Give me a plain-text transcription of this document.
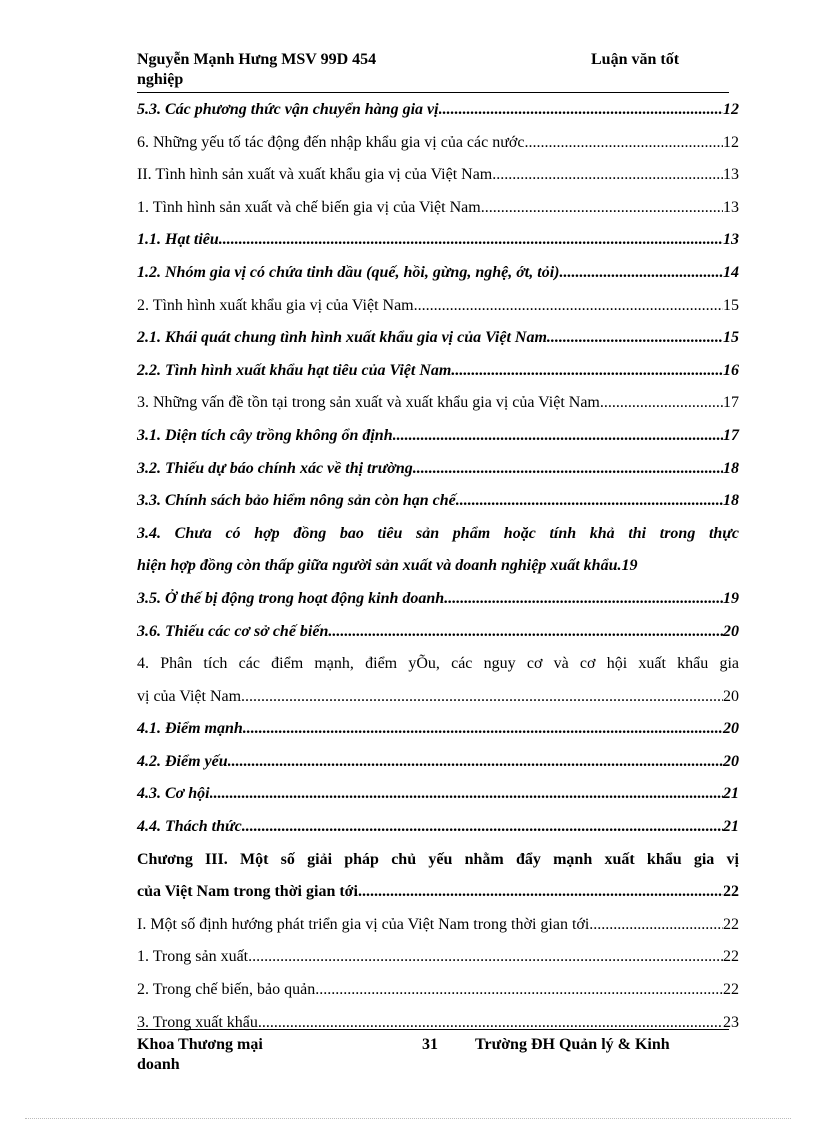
Nguyễn Mạnh Hưng MSV 99D 454	Luận văn tốt
nghiệp
5.3. Các phương thức vận chuyển hàng gia vị .....	12
6. Những yếu tố tác động đến nhập khẩu gia vị của các nước .....	12
II. Tình hình sản xuất và xuất khẩu gia vị của Việt Nam .....	13
1. Tình hình sản xuất và chế biến gia vị của Việt Nam .....	13
1.1. Hạt tiêu .....	13
1.2. Nhóm gia vị có chứa tinh dầu (quế, hồi, gừng, nghệ, ớt, tỏi) .....	14
2. Tình hình xuất khẩu gia vị của Việt Nam .....	15
2.1. Khái quát chung tình hình xuất khẩu gia vị của Việt Nam .....	15
2.2. Tình hình xuất khẩu hạt tiêu của Việt Nam .....	16
3. Những vấn đề tồn tại trong sản xuất và xuất khẩu gia vị của Việt Nam .....	17
3.1. Diện tích cây trồng không ổn định .....	17
3.2. Thiếu dự báo chính xác về thị trường .....	18
3.3. Chính sách bảo hiểm nông sản còn hạn chế .....	18
3.4. Chưa có hợp đồng bao tiêu sản phẩm hoặc tính khả thi trong thực
hiện hợp đồng còn thấp giữa người sản xuất và doanh nghiệp xuất khẩu. 19
3.5. Ở thế bị động trong hoạt động kinh doanh .....	19
3.6. Thiếu các cơ sở chế biến .....	20
4. Phân tích các điểm mạnh, điểm yÕu, các nguy cơ và cơ hội xuất khẩu gia
vị của Việt Nam .....	20
4.1. Điểm mạnh .....	20
4.2. Điểm yếu .....	20
4.3. Cơ hội .....	21
4.4. Thách thức .....	21
Chương III. Một số giải pháp chủ yếu nhằm đẩy mạnh xuất khẩu gia vị
của Việt Nam trong thời gian tới .....	22
I. Một số định hướng phát triển gia vị của Việt Nam trong thời gian tới .....	22
1. Trong sản xuất .....	22
2. Trong chế biến, bảo quản .....	22
3. Trong xuất khẩu .....	23
Khoa Thương mại
doanh
31 Trường ĐH Quản lý & Kinh
